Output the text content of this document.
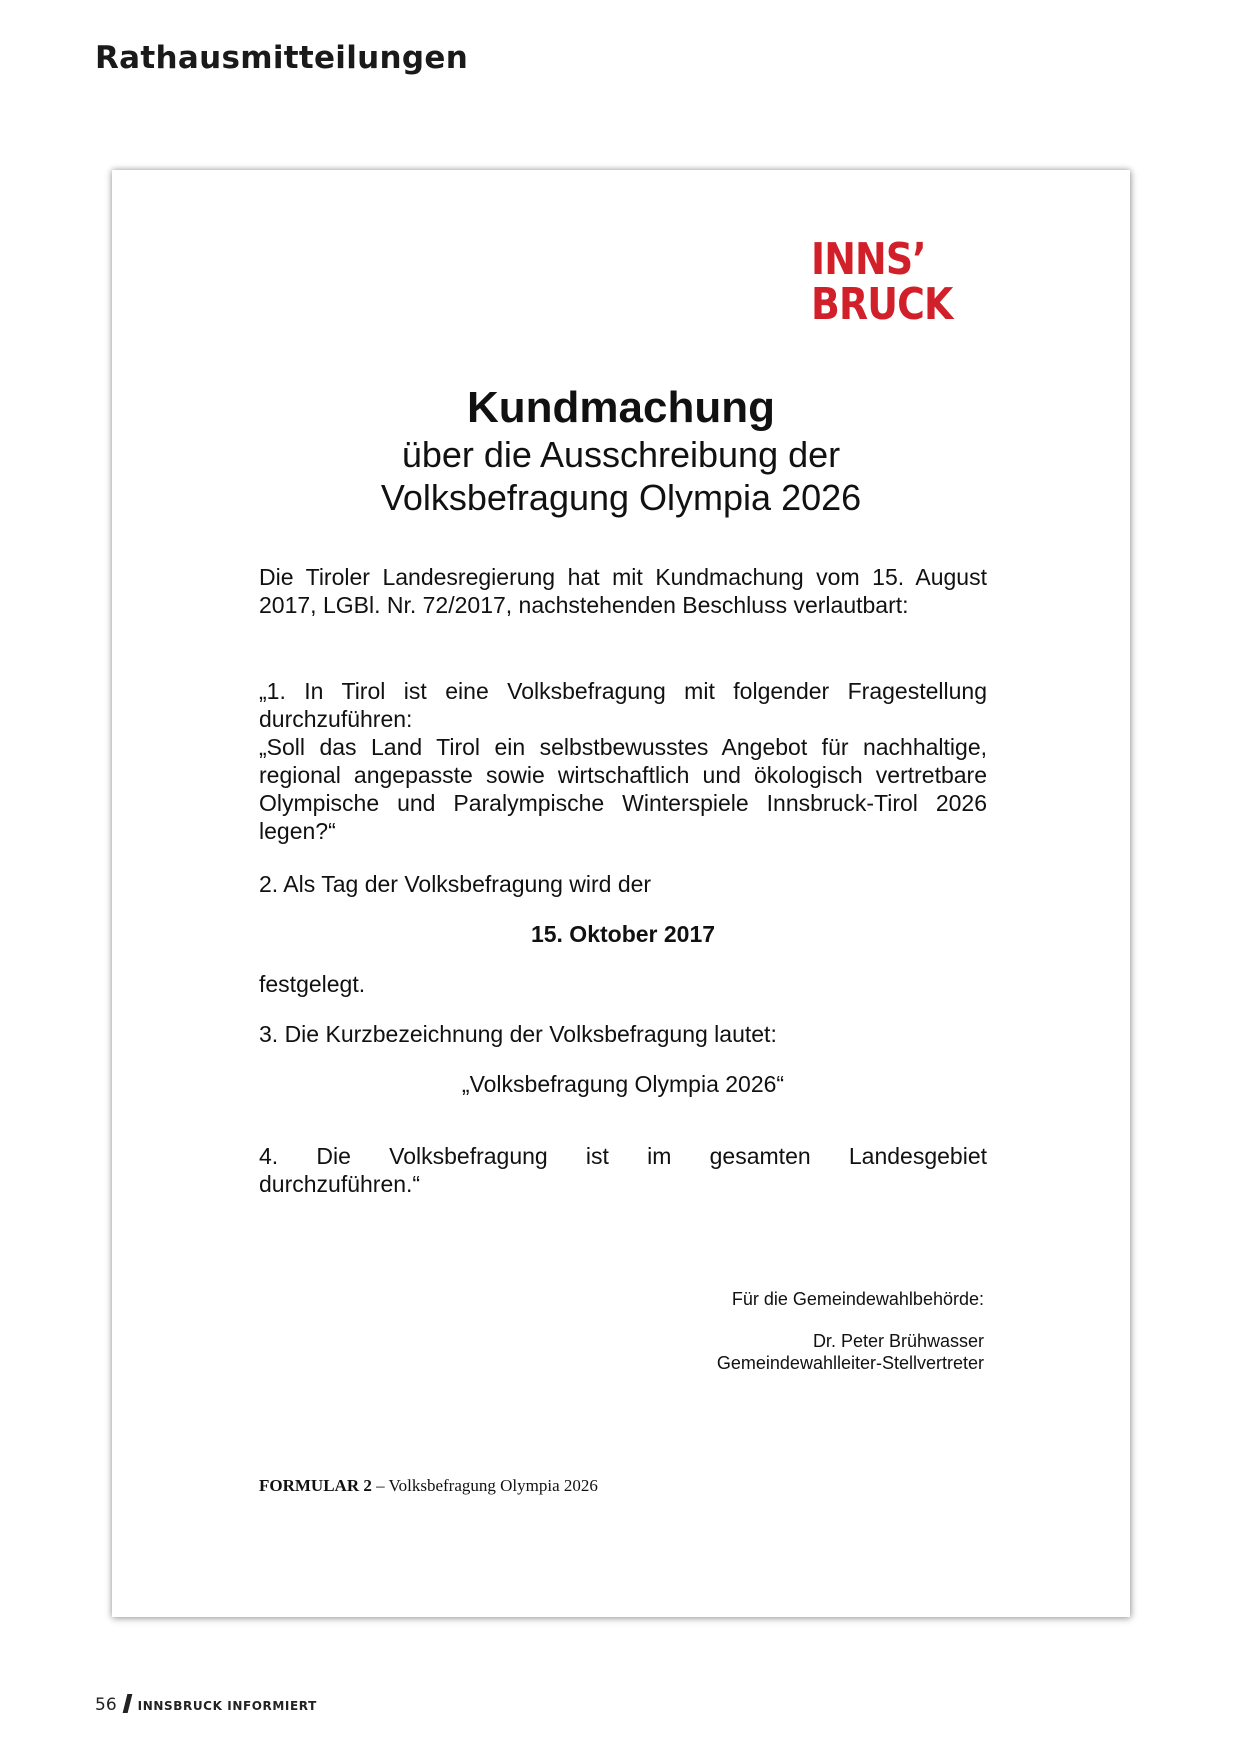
Rathausmitteilungen
INNS’
BRUCK
Kundmachung
über die Ausschreibung der
Volksbefragung Olympia 2026

Die Tiroler Landesregierung hat mit Kundmachung vom 15. August 2017, LGBl. Nr. 72/2017, nachstehenden Beschluss verlautbart:

„1. In Tirol ist eine Volksbefragung mit folgender Fragestellung

durchzuführen:

„Soll das Land Tirol ein selbstbewusstes Angebot für nachhaltige, regional angepasste sowie wirtschaftlich und ökologisch vertretbare Olympische und Paralympische Winterspiele Innsbruck-Tirol 2026 legen?“

2. Als Tag der Volksbefragung wird der

15. Oktober 2017

festgelegt.

3. Die Kurzbezeichnung der Volksbefragung lautet:

„Volksbefragung Olympia 2026“

4. Die Volksbefragung ist im gesamten Landesgebiet

durchzuführen.“

Für die Gemeindewahlbehörde:

Dr. Peter Brühwasser

Gemeindewahlleiter-Stellvertreter

FORMULAR 2 – Volksbefragung Olympia 2026
56 INNSBRUCK INFORMIERT
